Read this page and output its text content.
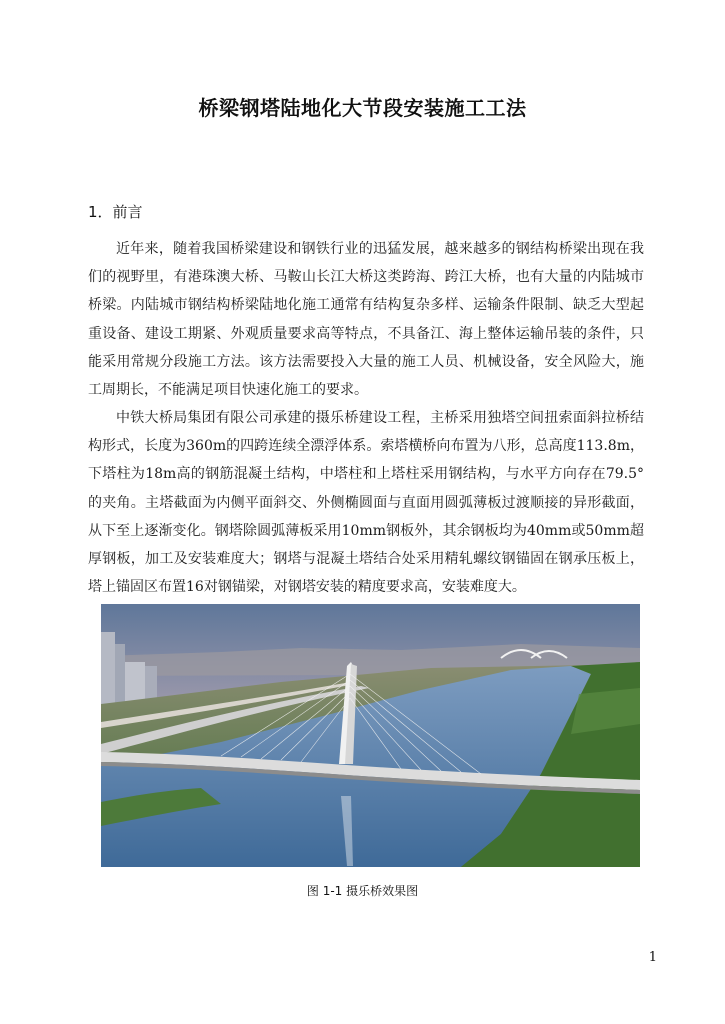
桥梁钢塔陆地化大节段安装施工工法
1．前言

近年来，随着我国桥梁建设和钢铁行业的迅猛发展，越来越多的钢结构桥梁出现在我们的视野里，有港珠澳大桥、马鞍山长江大桥这类跨海、跨江大桥，也有大量的内陆城市桥梁。内陆城市钢结构桥梁陆地化施工通常有结构复杂多样、运输条件限制、缺乏大型起重设备、建设工期紧、外观质量要求高等特点，不具备江、海上整体运输吊装的条件，只能采用常规分段施工方法。该方法需要投入大量的施工人员、机械设备，安全风险大，施工周期长，不能满足项目快速化施工的要求。

中铁大桥局集团有限公司承建的摄乐桥建设工程，主桥采用独塔空间扭索面斜拉桥结构形式，长度为360m的四跨连续全漂浮体系。索塔横桥向布置为八形，总高度113.8m，下塔柱为18m高的钢筋混凝土结构，中塔柱和上塔柱采用钢结构，与水平方向存在79.5°的夹角。主塔截面为内侧平面斜交、外侧椭圆面与直面用圆弧薄板过渡顺接的异形截面，从下至上逐渐变化。钢塔除圆弧薄板采用10mm钢板外，其余钢板均为40mm或50mm超厚钢板，加工及安装难度大；钢塔与混凝土塔结合处采用精轧螺纹钢锚固在钢承压板上，塔上锚固区布置16对钢锚梁，对钢塔安装的精度要求高，安装难度大。

图 1-1 摄乐桥效果图
1
